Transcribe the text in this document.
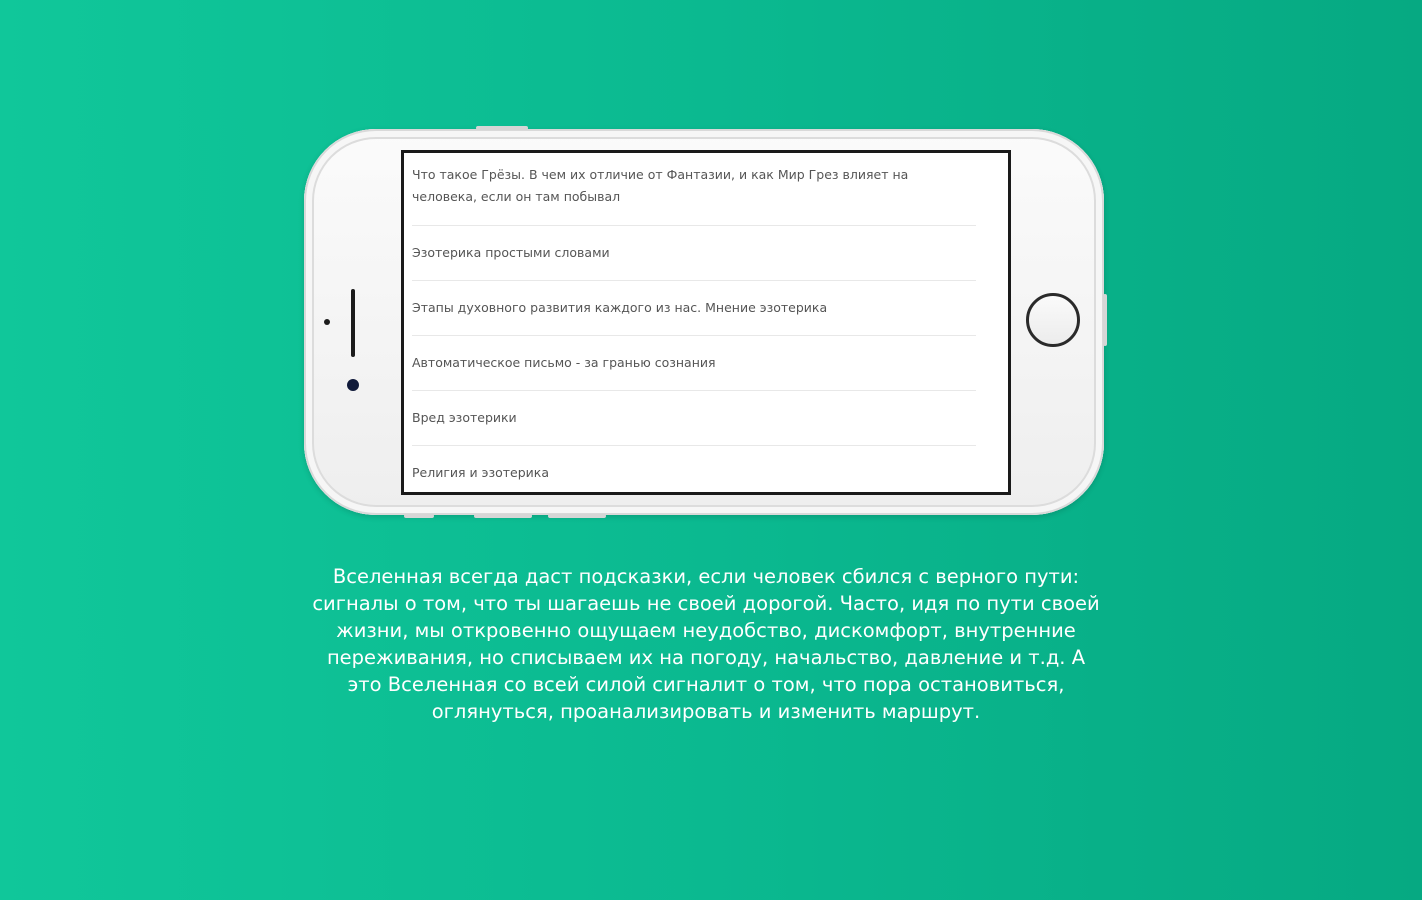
Что такое Грёзы. В чем их отличие от Фантазии, и как Мир Грез влияет на человека, если он там побывал
Эзотерика простыми словами
Этапы духовного развития каждого из нас. Мнение эзотерика
Автоматическое письмо - за гранью сознания
Вред эзотерики
Религия и эзотерика

Вселенная всегда даст подсказки, если человек сбился с верного пути: сигналы о том, что ты шагаешь не своей дорогой. Часто, идя по пути своей жизни, мы откровенно ощущаем неудобство, дискомфорт, внутренние переживания, но списываем их на погоду, начальство, давление и т.д. А это Вселенная со всей силой сигналит о том, что пора остановиться, оглянуться, проанализировать и изменить маршрут.
